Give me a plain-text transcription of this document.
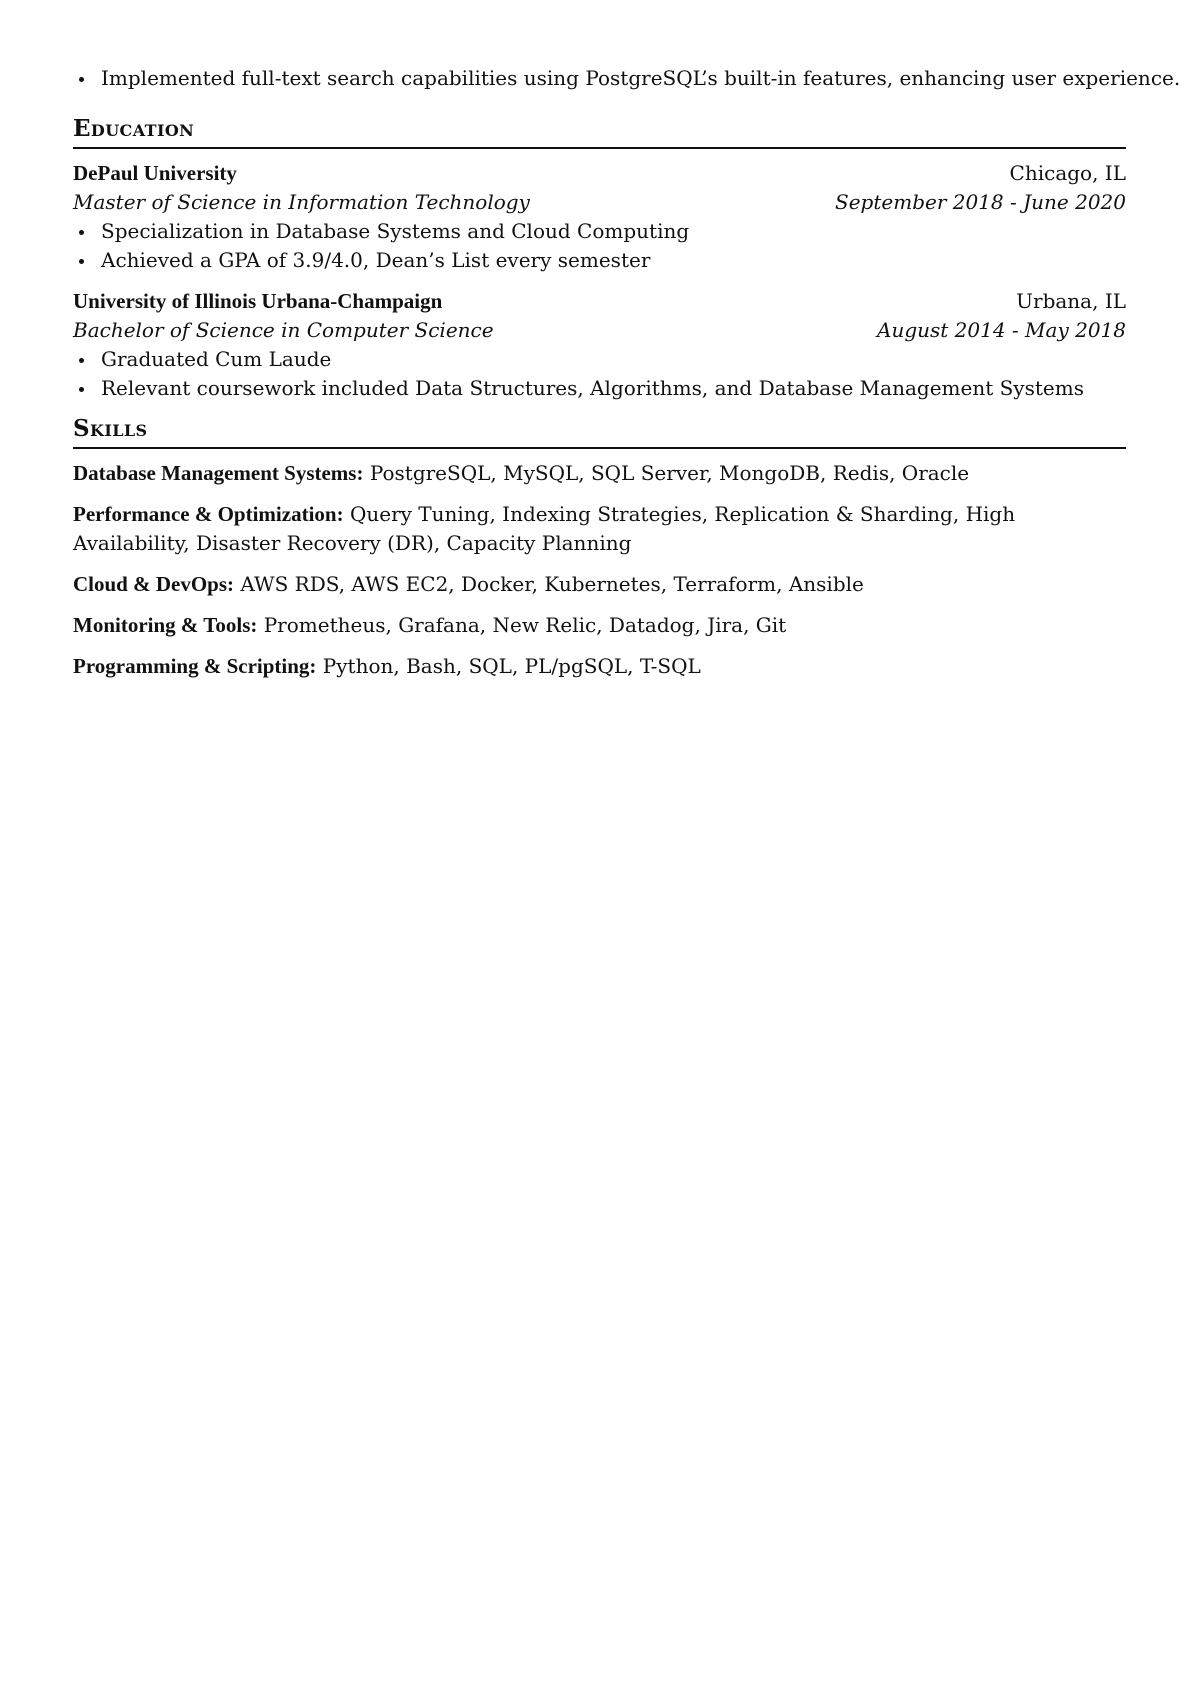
Implemented full-text search capabilities using PostgreSQL’s built-in features, enhancing user experience.
Education
DePaul University	Chicago, IL
Master of Science in Information Technology	September 2018 - June 2020
Specialization in Database Systems and Cloud Computing
Achieved a GPA of 3.9/4.0, Dean’s List every semester
University of Illinois Urbana-Champaign	Urbana, IL
Bachelor of Science in Computer Science	August 2014 - May 2018
Graduated Cum Laude
Relevant coursework included Data Structures, Algorithms, and Database Management Systems
Skills
Database Management Systems: PostgreSQL, MySQL, SQL Server, MongoDB, Redis, Oracle
Performance & Optimization: Query Tuning, Indexing Strategies, Replication & Sharding, High Availability, Disaster Recovery (DR), Capacity Planning
Cloud & DevOps: AWS RDS, AWS EC2, Docker, Kubernetes, Terraform, Ansible
Monitoring & Tools: Prometheus, Grafana, New Relic, Datadog, Jira, Git
Programming & Scripting: Python, Bash, SQL, PL/pgSQL, T-SQL
